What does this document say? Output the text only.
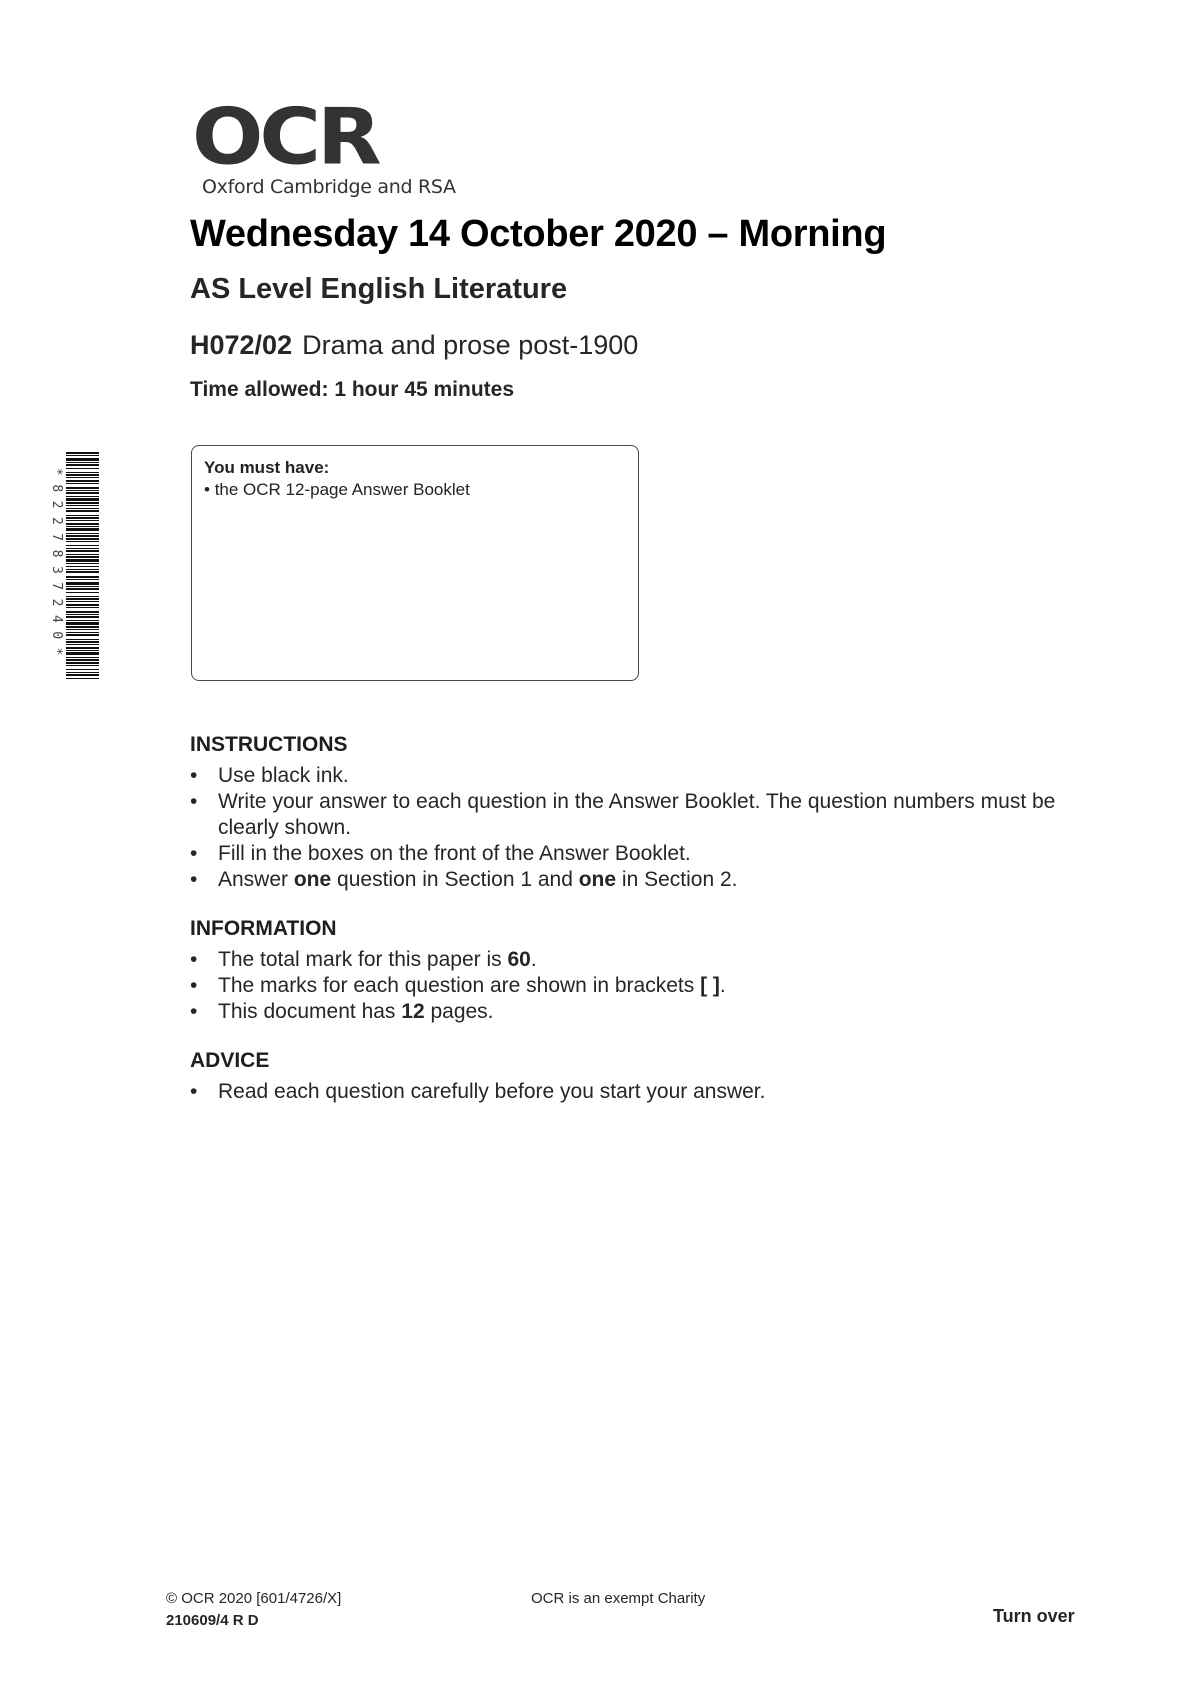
OCR
Oxford Cambridge and RSA
Wednesday 14 October 2020 – Morning
AS Level English Literature
H072/02 Drama and prose post-1900
Time allowed: 1 hour 45 minutes
*8227837240*
You must have:
• the OCR 12-page Answer Booklet
INSTRUCTIONS
• Use black ink.
• Write your answer to each question in the Answer Booklet. The question numbers must be clearly shown.
• Fill in the boxes on the front of the Answer Booklet.
• Answer one question in Section 1 and one in Section 2.
INFORMATION
• The total mark for this paper is 60.
• The marks for each question are shown in brackets [ ].
• This document has 12 pages.
ADVICE
• Read each question carefully before you start your answer.
© OCR 2020 [601/4726/X]
210609/4 R D
OCR is an exempt Charity
Turn over
